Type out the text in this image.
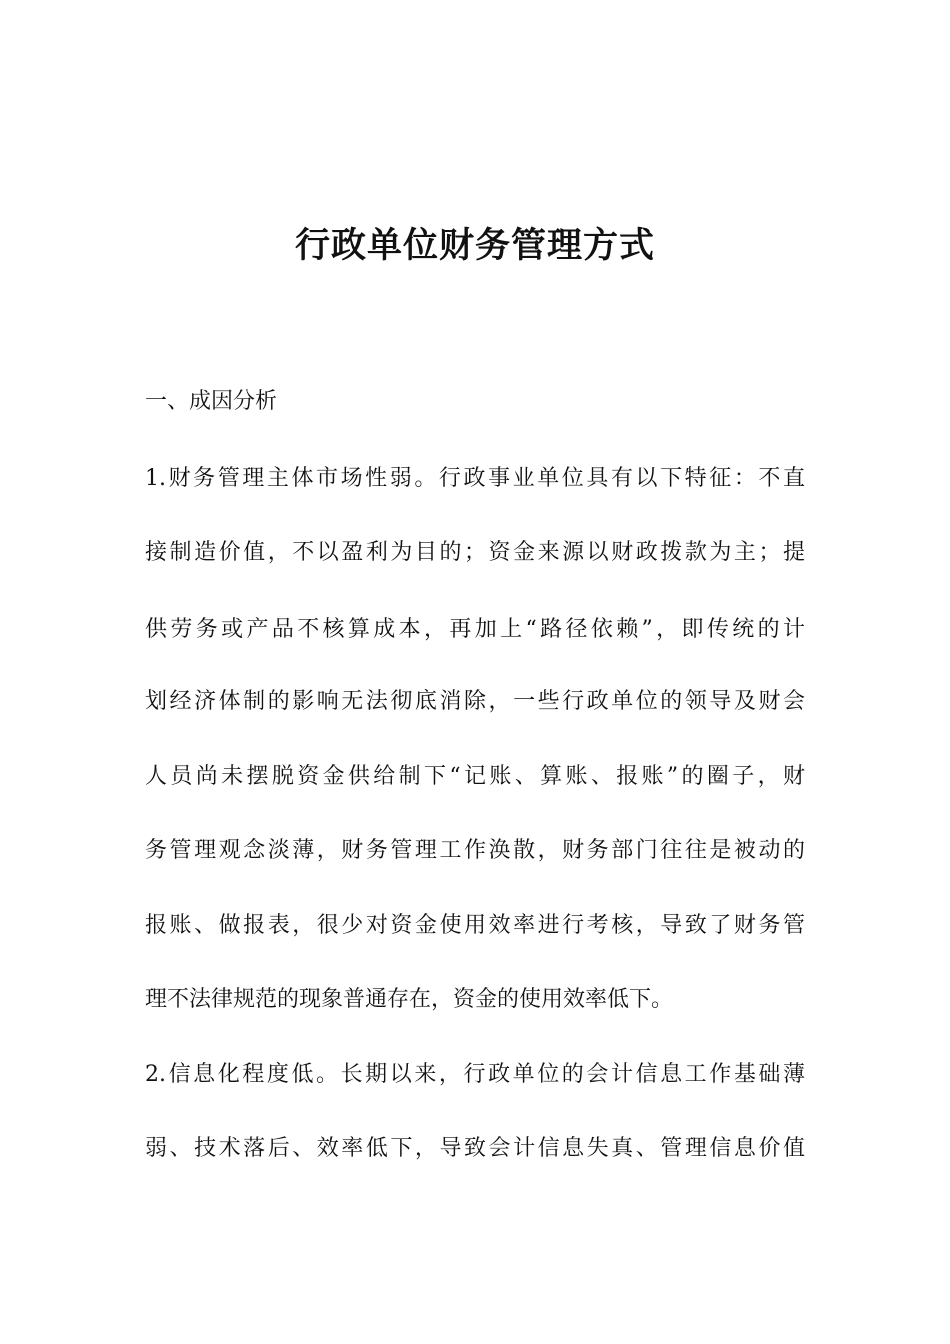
行政单位财务管理方式
一、成因分析
1.财务管理主体市场性弱。行政事业单位具有以下特征：不直
接制造价值，不以盈利为目的；资金来源以财政拨款为主；提
供劳务或产品不核算成本，再加上“路径依赖”，即传统的计
划经济体制的影响无法彻底消除，一些行政单位的领导及财会
人员尚未摆脱资金供给制下“记账、算账、报账”的圈子，财
务管理观念淡薄，财务管理工作涣散，财务部门往往是被动的
报账、做报表，很少对资金使用效率进行考核，导致了财务管
理不法律规范的现象普通存在，资金的使用效率低下。
2.信息化程度低。长期以来，行政单位的会计信息工作基础薄
弱、技术落后、效率低下，导致会计信息失真、管理信息价值
